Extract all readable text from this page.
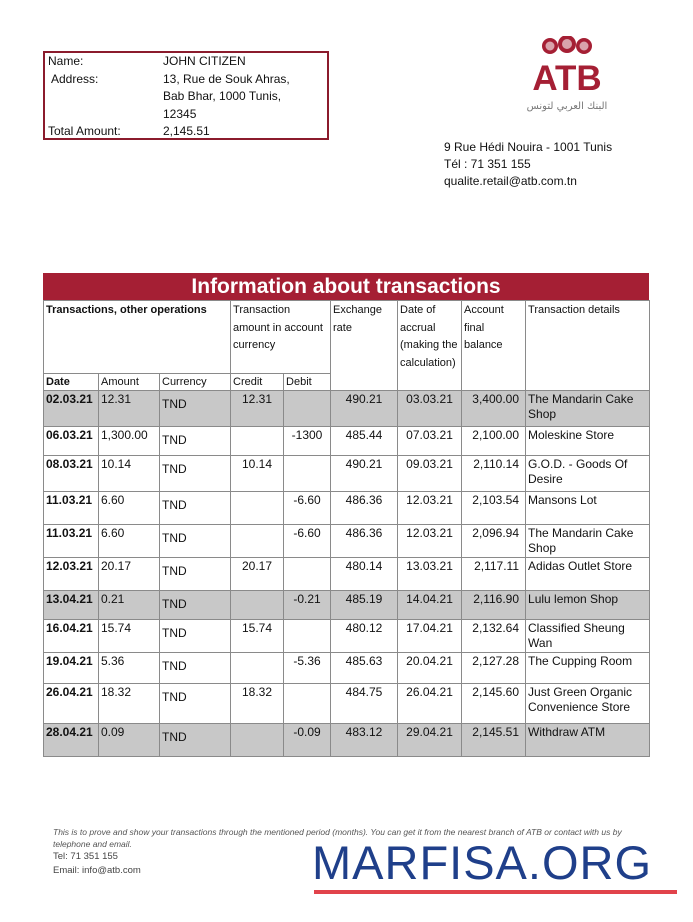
Name:	JOHN CITIZEN
Address:	13, Rue de Souk Ahras,
Bab Bhar, 1000 Tunis,
12345
Total Amount:	2,145.51
ATB
البنك العربي لتونس
9 Rue Hédi Nouira - 1001 Tunis
Tél : 71 351 155
qualite.retail@atb.com.tn
Information about transactions
Transactions, other operations			Transaction amount in account currency		Exchange rate	Date of accrual (making the calculation)	Account final balance	Transaction details
Date	Amount	Currency	Credit	Debit				
02.03.21	12.31	TND	12.31		490.21	03.03.21	3,400.00	The Mandarin Cake Shop
06.03.21	1,300.00	TND		-1300	485.44	07.03.21	2,100.00	Moleskine Store
08.03.21	10.14	TND	10.14		490.21	09.03.21	2,110.14	G.O.D. - Goods Of Desire
11.03.21	6.60	TND		-6.60	486.36	12.03.21	2,103.54	Mansons Lot
11.03.21	6.60	TND		-6.60	486.36	12.03.21	2,096.94	The Mandarin Cake Shop
12.03.21	20.17	TND	20.17		480.14	13.03.21	2,117.11	Adidas Outlet Store
13.04.21	0.21	TND		-0.21	485.19	14.04.21	2,116.90	Lulu lemon Shop
16.04.21	15.74	TND	15.74		480.12	17.04.21	2,132.64	Classified Sheung Wan
19.04.21	5.36	TND		-5.36	485.63	20.04.21	2,127.28	The Cupping Room
26.04.21	18.32	TND	18.32		484.75	26.04.21	2,145.60	Just Green Organic Convenience Store
28.04.21	0.09	TND		-0.09	483.12	29.04.21	2,145.51	Withdraw ATM
This is to prove and show your transactions through the mentioned period (months). You can get it from the nearest branch of ATB or contact with us by telephone and email.
Tel: 71 351 155
Email: info@atb.com	MARFISA.ORG
